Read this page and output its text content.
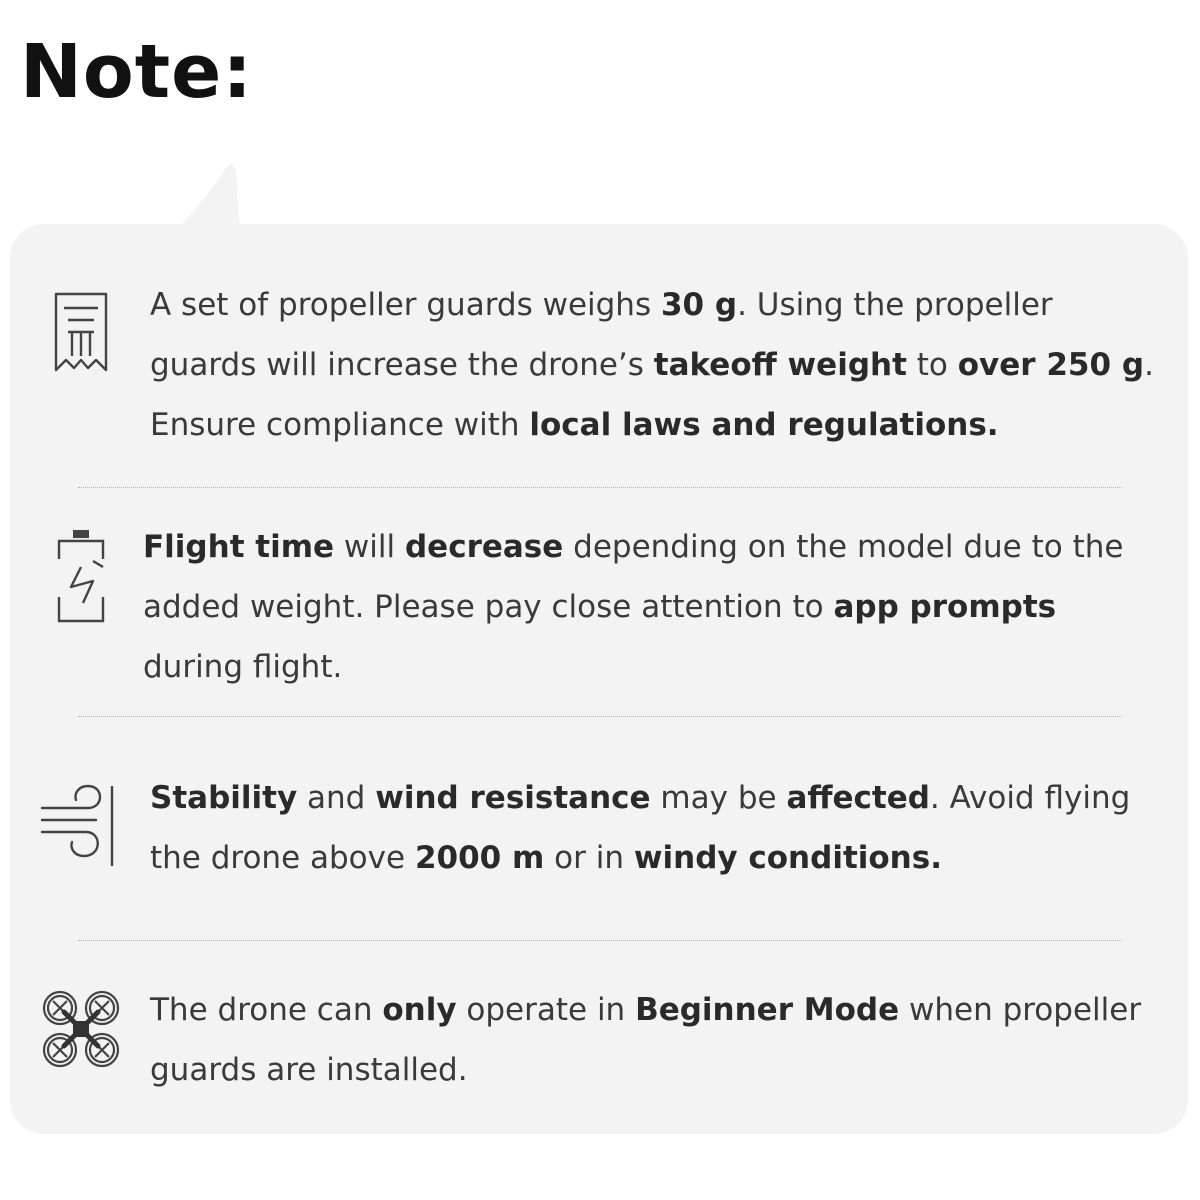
Note:
A set of propeller guards weighs 30 g. Using the propeller guards will increase the drone’s takeoff weight to over 250 g. Ensure compliance with local laws and regulations.
Flight time will decrease depending on the model due to the added weight. Please pay close attention to app prompts during flight.
Stability and wind resistance may be affected. Avoid flying the drone above 2000 m or in windy conditions.
The drone can only operate in Beginner Mode when propeller guards are installed.
